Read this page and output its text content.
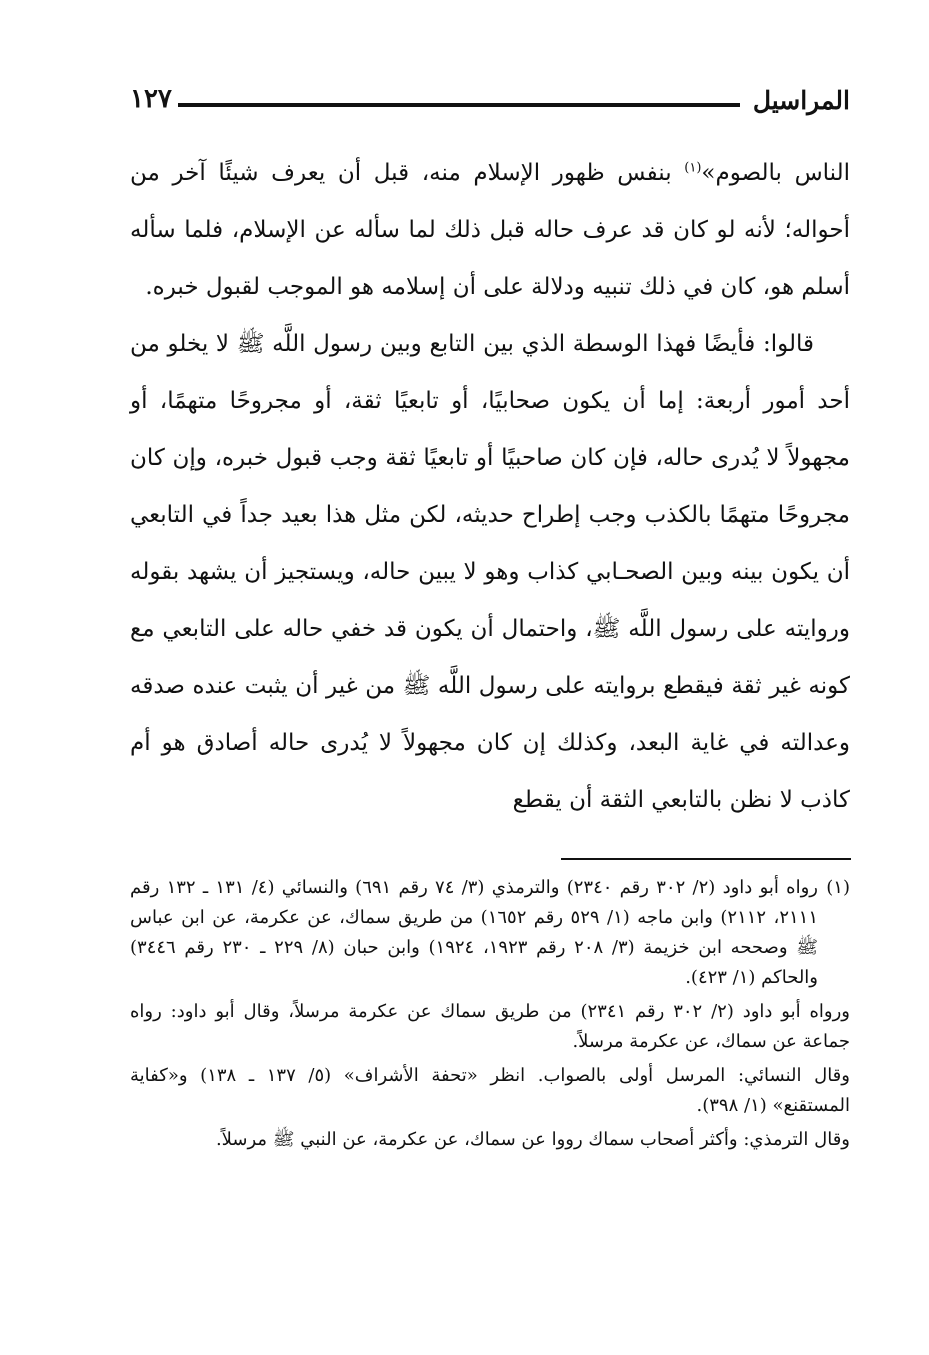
المراسيل
١٢٧

الناس بالصوم»$^{(١)}$ بنفس ظهور الإسلام منه، قبل أن يعرف شيئًا آخر من أحواله؛ لأنه لو كان قد عرف حاله قبل ذلك لما سأله عن الإسلام، فلما سأله أسلم هو، كان في ذلك تنبيه ودلالة على أن إسلامه هو الموجب لقبول خبره.

قالوا: فأيضًا فهذا الوسطة الذي بين التابع وبين رسول اللَّه ﷺ لا يخلو من أحد أمور أربعة: إما أن يكون صحابيًا، أو تابعيًا ثقة، أو مجروحًا متهمًا، أو مجهولاً لا يُدرى حاله، فإن كان صاحبيًا أو تابعيًا ثقة وجب قبول خبره، وإن كان مجروحًا متهمًا بالكذب وجب إطراح حديثه، لكن مثل هذا بعيد جداً في التابعي أن يكون بينه وبين الصحـابي كذاب وهو لا يبين حاله، ويستجيز أن يشهد بقوله وروايته على رسول اللَّه ﷺ، واحتمال أن يكون قد خفي حاله على التابعي مع كونه غير ثقة فيقطع بروايته على رسول اللَّه ﷺ من غير أن يثبت عنده صدقه وعدالته في غاية البعد، وكذلك إن كان مجهولاً لا يُدرى حاله أصادق هو أم كاذب لا نظن بالتابعي الثقة أن يقطع

(١)رواه أبو داود (٢/ ٣٠٢ رقم ٢٣٤٠) والترمذي (٣/ ٧٤ رقم ٦٩١) والنسائي (٤/ ١٣١ ـ ١٣٢ رقم ٢١١١، ٢١١٢) وابن ماجه (١/ ٥٢٩ رقم ١٦٥٢) من طريق سماك، عن عكرمة، عن ابن عباس ﷺ وصححه ابن خزيمة (٣/ ٢٠٨ رقم ١٩٢٣، ١٩٢٤) وابن حبان (٨/ ٢٢٩ ـ ٢٣٠ رقم ٣٤٤٦) والحاكم (١/ ٤٢٣).

ورواه أبو داود (٢/ ٣٠٢ رقم ٢٣٤١) من طريق سماك عن عكرمة مرسلاً، وقال أبو داود: رواه جماعة عن سماك، عن عكرمة مرسلاً.

وقال النسائي: المرسل أولى بالصواب. انظر «تحفة الأشراف» (٥/ ١٣٧ ـ ١٣٨) و«كفاية المستقنع» (١/ ٣٩٨).

وقال الترمذي: وأكثر أصحاب سماك رووا عن سماك، عن عكرمة، عن النبي ﷺ مرسلاً.
